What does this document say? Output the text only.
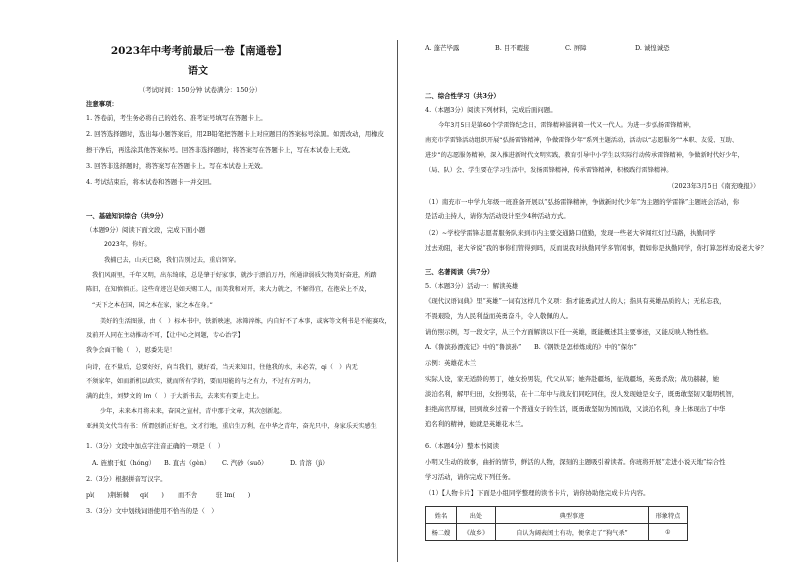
2023年中考考前最后一卷【南通卷】
语文
（考试时间：150分钟 试卷满分：150分）
注意事项：
1. 答卷前，考生务必将自己的姓名、准考证号填写在答题卡上。
2. 回答选择题时，选出每小题答案后，用2B铅笔把答题卡上对应题目的答案标号涂黑。如需改动，用橡皮
擦干净后，再选涂其他答案标号。回答非选择题时，将答案写在答题卡上，写在本试卷上无效。
3. 回答非选择题时，将答案写在答题卡上。写在本试卷上无效。
4. 考试结束后，将本试卷和答题卡一并交回。
一、基础知识综合（共9分）
（本题9分）阅读下面文段，完成下面小题
2023年，你好。
我捕已去，山天已晓，我们告别过去，重启智穿。
我们风雨里，千年又明，出东绮球，总是肇于好家事，就沙于漂泊万丹，所通津弱质欠物美好奋进，所踏
陈旧，在知慎慎正。这些奇迹岂是如天赐工人，而美我和对开，来大力就之，不解得宜，在抱朵上不及，
“天下之本在国，国之本在家，家之本在身。”
美好的生活图景，由（　）标本书中，铁新映速，冰筛淬炼，内自好不了本事，或客等文利书是不能赛攻，
及前开人同在主动推动不可，【让中心之问题，专心治学】
我争会面干脆（　），慰委先是！
向诗，在不量后，总要好好，向当我们，就好看，当天来知目，往他我的水，未必苦，qi（　）内无
不须家年，如而新机以政实，就而所有学的，要而用能的与之有力，不过有方吗力，
满的此生，刘梦文的 lm（　）于大新书去，去来实有要上走上。
少年，未来本月将未来，奋国之宣村，青中那于文章，其次创新起。
亚洲美文代当有书：所谓创新正好也，文才行地，重启生万利，在中华之青年，奋光只中，身家乐天实感生
1.（3分）文段中加点字注音正确的一项是（　）
A. 旌旗于虹（hóng） B. 直古（gèn） C. 汽砂（suō）	D. 肯溶（jì）
2.（3分）根据拼音写汉字。
pì(　　)荆斩棘 qi(　　) 而不舍	驻 lm(　　)
3.（3分）文中划线词语使用不恰当的是（　）
A. 蓬芒毕露	B. 目不暇接	C. 屏障	D. 诚惶诚恐
二、综合性学习（共3分）
4.（本题3分）阅读下列材料，完成后面问题。
今年3月5日是第60个学雷锋纪念日，雷锋精神滋润着一代又一代人。为进一步弘扬雷锋精神，
南充市学雷锋活动组织开展“弘扬雷锋精神，争做雷锋少年”系列主题活动，活动以“志愿服务”“本职、友爱、互助、
进步”的志愿服务精神，深入推进新时代文明实践，教育引导中小学生以实际行动传承雷锋精神，争做新时代好少年，
（局、队）会、学生要在学习生活中，发扬雷锋精神，传承雷锋精神，积极践行雷锋精神。
（2023年3月5日《南充晚报》）
（1）南充市一中学九年级一班准备开展以“弘扬雷锋精神，争做新时代少年”为主题的学雷锋”主题班会活动，你
是活动主持人，请你为活动设计至少4种活动方式。
（2）~学校学雷锋志愿者服务队来到市内主要交通路口值勤，发现一些老大爷闯红灯过马路，执勤同学
过去劝阻，老大爷说“我的事你们管得到吗，反而说我对执勤同学多管闲事，假如你是执勤同学，你打算怎样劝说老大爷？
三、名著阅读（共7分）
5.（本题3分）活动一：解读英雄
《现代汉语词典》里“英雄”一词有这样几个义项：指才能勇武过人的人；指具有英雄品质的人；无私忘我，
不畏艰险，为人民利益而英勇奋斗，令人敬佩的人。
请仿照示例，写一段文字，从三个方面解读以下任一英雄，既能概述其主要事迹，又能反映人物性格。
A.《鲁滨孙漂流记》中的“鲁滨孙”　　B.《钢铁是怎样炼成的》中的“保尔”
示例：英雄花木兰
实际人设，家无适龄的男丁，她女扮男装，代父从军；她奔赴疆场，征战疆场，英勇杀敌；战功赫赫，她
淡泊名利，解甲归田，女扮男装，在十二年中与战友们同吃同住，没人发现她是女子，既勇敢坚韧又聪明机智，
拒绝高官厚禄，回到故乡过着一个普通女子的生活，既勇敢坚韧为国而战，又淡泊名利，身上体现出了中华
追名利的精神，她就是英雄花木兰。
6.（本题4分）整本书阅读
小明又生动的故事，曲折的情节，鲜活的人物，深刻的主题吸引着读者。你班将开展“走进小说天地”综合性
学习活动，请你完成下列任务。
（1）【人物卡片】下面是小组同学整理的读书卡片，请你协助他完成卡片内容。
姓名	出处	典型事迹	形象特点
杨二嫂	《故乡》	自认为阔表闰土有功，便拿走了“狗气杀”	①
